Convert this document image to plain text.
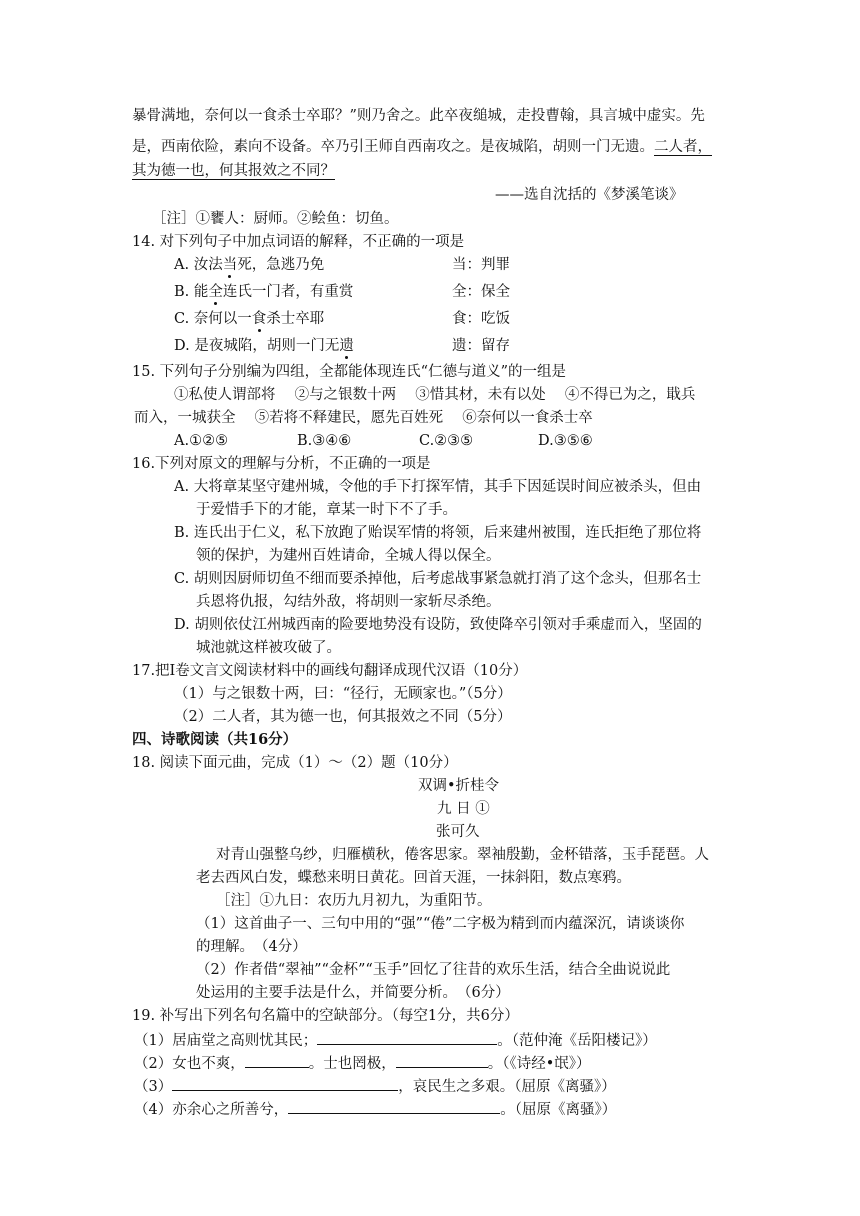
暴骨满地，奈何以一食杀士卒耶？”则乃舍之。此卒夜缒城，走投曹翰，具言城中虚实。先
是，西南依险，素向不设备。卒乃引王师自西南攻之。是夜城陷，胡则一门无遗。二人者，
其为德一也，何其报效之不同？
——选自沈括的《梦溪笔谈》
［注］①饔人：厨师。②鲙鱼：切鱼。
14. 对下列句子中加点词语的解释，不正确的一项是
A. 汝法当死，急逃乃免	当：判罪
B. 能全连氏一门者，有重赏	全：保全
C. 奈何以一食杀士卒耶	食：吃饭
D. 是夜城陷，胡则一门无遗	遗：留存
15. 下列句子分别编为四组，全都能体现连氏“仁德与道义”的一组是
①私使人谓部将　 ②与之银数十两　 ③惜其材，未有以处　 ④不得已为之，戢兵
而入，一城获全　 ⑤若将不释建民，愿先百姓死　 ⑥奈何以一食杀士卒
A.①②⑤	B.③④⑥	C.②③⑤	D.③⑤⑥
16.下列对原文的理解与分析，不正确的一项是
A. 大将章某坚守建州城，令他的手下打探军情，其手下因延误时间应被杀头，但由
于爱惜手下的才能，章某一时下不了手。
B. 连氏出于仁义，私下放跑了贻误军情的将领，后来建州被围，连氏拒绝了那位将
领的保护，为建州百姓请命，全城人得以保全。
C. 胡则因厨师切鱼不细而要杀掉他，后考虑战事紧急就打消了这个念头，但那名士
兵恩将仇报，勾结外敌，将胡则一家斩尽杀绝。
D. 胡则依仗江州城西南的险要地势没有设防，致使降卒引领对手乘虚而入，坚固的
城池就这样被攻破了。
17.把Ⅰ卷文言文阅读材料中的画线句翻译成现代汉语（10分）
（1）与之银数十两，曰：“径行，无顾家也。”（5分）
（2）二人者，其为德一也，何其报效之不同（5分）
四、诗歌阅读（共16分）
18. 阅读下面元曲，完成（1）～（2）题（10分）
双调•折桂令
九 日 ①
张可久
对青山强整乌纱，归雁横秋，倦客思家。翠袖殷勤，金杯错落，玉手琵琶。人
老去西风白发，蝶愁来明日黄花。回首天涯，一抹斜阳，数点寒鸦。
［注］①九日：农历九月初九，为重阳节。
（1）这首曲子一、三句中用的“强”“倦”二字极为精到而内蕴深沉，请谈谈你
的理解。　（4分）
（2）作者借“翠袖”“金杯”“玉手”回忆了往昔的欢乐生活，结合全曲说说此
处运用的主要手法是什么，并简要分析。　（6分）
19. 补写出下列名句名篇中的空缺部分。（每空1分，共6分）
（1）居庙堂之高则忧其民；	。（范仲淹《岳阳楼记》）
（2）女也不爽，	。士也罔极，	。（《诗经•氓》）
（3）	，哀民生之多艰。（屈原《离骚》）
（4）亦余心之所善兮，	。（屈原《离骚》）
